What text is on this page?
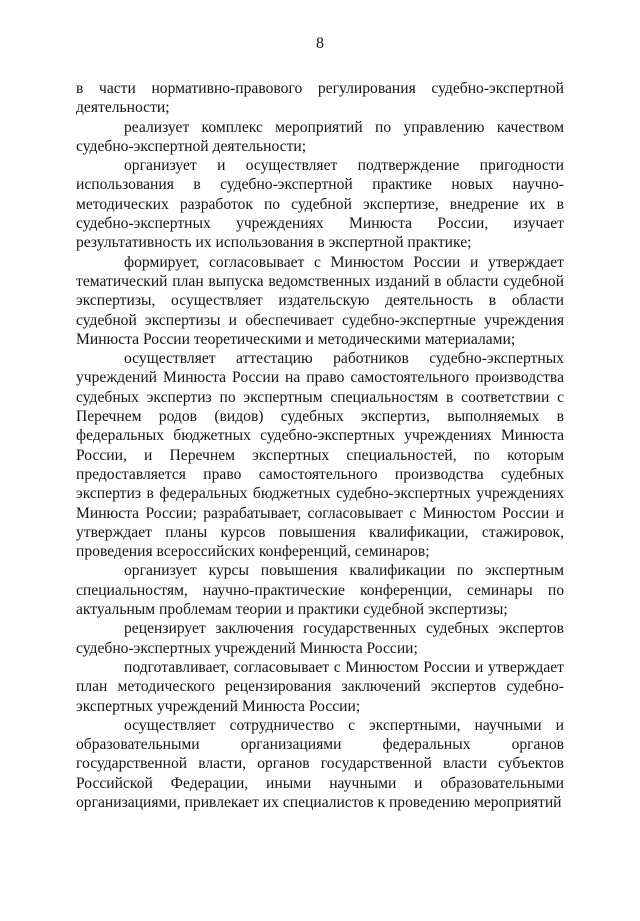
8

в части нормативно-правового регулирования судебно-экспертной деятельности;

реализует комплекс мероприятий по управлению качеством судебно-экспертной деятельности;

организует и осуществляет подтверждение пригодности использования в судебно-экспертной практике новых научно-методических разработок по судебной экспертизе, внедрение их в судебно-экспертных учреждениях Минюста России, изучает результативность их использования в экспертной практике;

формирует, согласовывает с Минюстом России и утверждает тематический план выпуска ведомственных изданий в области судебной экспертизы, осуществляет издательскую деятельность в области судебной экспертизы и обеспечивает судебно-экспертные учреждения Минюста России теоретическими и методическими материалами;

осуществляет аттестацию работников судебно-экспертных учреждений Минюста России на право самостоятельного производства судебных экспертиз по экспертным специальностям в соответствии с Перечнем родов (видов) судебных экспертиз, выполняемых в федеральных бюджетных судебно-экспертных учреждениях Минюста России, и Перечнем экспертных специальностей, по которым предоставляется право самостоятельного производства судебных экспертиз в федеральных бюджетных судебно-экспертных учреждениях Минюста России; разрабатывает, согласовывает с Минюстом России и утверждает планы курсов повышения квалификации, стажировок, проведения всероссийских конференций, семинаров;

организует курсы повышения квалификации по экспертным специальностям, научно-практические конференции, семинары по актуальным проблемам теории и практики судебной экспертизы;

рецензирует заключения государственных судебных экспертов судебно-экспертных учреждений Минюста России;

подготавливает, согласовывает с Минюстом России и утверждает план методического рецензирования заключений экспертов судебно-экспертных учреждений Минюста России;

осуществляет сотрудничество с экспертными, научными и образовательными организациями федеральных органов государственной власти, органов государственной власти субъектов Российской Федерации, иными научными и образовательными организациями, привлекает их специалистов к проведению мероприятий
